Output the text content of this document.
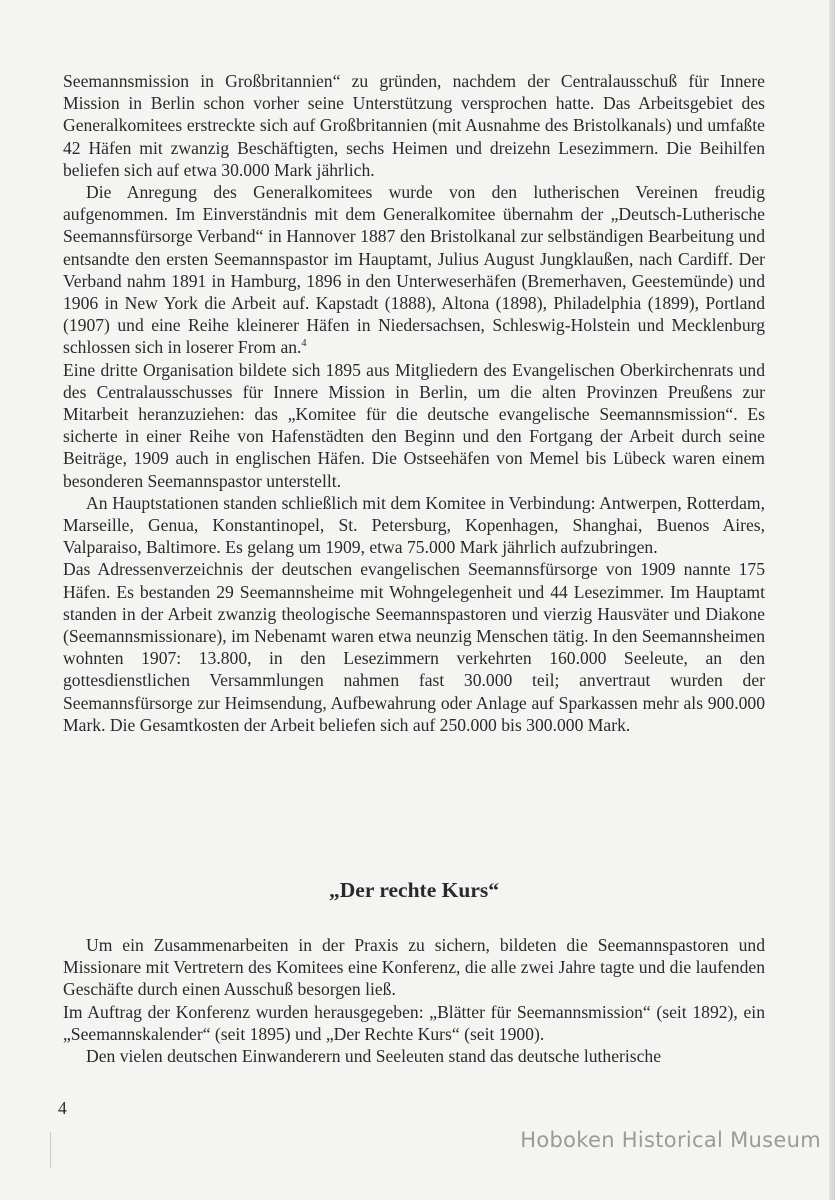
Seemannsmission in Großbritannien“ zu gründen, nachdem der Centralausschuß für Innere Mission in Berlin schon vorher seine Unterstützung versprochen hatte. Das Arbeitsgebiet des Generalkomitees erstreckte sich auf Großbritannien (mit Ausnahme des Bristolkanals) und umfaßte 42 Häfen mit zwanzig Beschäftigten, sechs Heimen und dreizehn Lesezimmern. Die Beihilfen beliefen sich auf etwa 30.000 Mark jährlich.

Die Anregung des Generalkomitees wurde von den lutherischen Vereinen freudig aufgenommen. Im Einverständnis mit dem Generalkomitee übernahm der „Deutsch-Lutherische Seemannsfürsorge Verband“ in Hannover 1887 den Bristolkanal zur selbständigen Bearbeitung und entsandte den ersten Seemannspastor im Hauptamt, Julius August Jungklaußen, nach Cardiff. Der Verband nahm 1891 in Hamburg, 1896 in den Unterweserhäfen (Bremerhaven, Geestemünde) und 1906 in New York die Arbeit auf. Kapstadt (1888), Altona (1898), Philadelphia (1899), Portland (1907) und eine Reihe kleinerer Häfen in Niedersachsen, Schleswig-Holstein und Mecklenburg schlossen sich in loserer From an.$^4$

Eine dritte Organisation bildete sich 1895 aus Mitgliedern des Evangelischen Oberkirchenrats und des Centralausschusses für Innere Mission in Berlin, um die alten Provinzen Preußens zur Mitarbeit heranzuziehen: das „Komitee für die deutsche evangelische Seemannsmission“. Es sicherte in einer Reihe von Hafenstädten den Beginn und den Fortgang der Arbeit durch seine Beiträge, 1909 auch in englischen Häfen. Die Ostseehäfen von Memel bis Lübeck waren einem besonderen Seemannspastor unterstellt.

An Hauptstationen standen schließlich mit dem Komitee in Verbindung: Antwerpen, Rotterdam, Marseille, Genua, Konstantinopel, St. Petersburg, Kopenhagen, Shanghai, Buenos Aires, Valparaiso, Baltimore. Es gelang um 1909, etwa 75.000 Mark jährlich aufzubringen.

Das Adressenverzeichnis der deutschen evangelischen Seemannsfürsorge von 1909 nannte 175 Häfen. Es bestanden 29 Seemannsheime mit Wohngelegenheit und 44 Lesezimmer. Im Hauptamt standen in der Arbeit zwanzig theologische Seemannspastoren und vierzig Hausväter und Diakone (Seemannsmissionare), im Nebenamt waren etwa neunzig Menschen tätig. In den Seemannsheimen wohnten 1907: 13.800, in den Lesezimmern verkehrten 160.000 Seeleute, an den gottesdienstlichen Versammlungen nahmen fast 30.000 teil; anvertraut wurden der Seemannsfürsorge zur Heimsendung, Aufbewahrung oder Anlage auf Sparkassen mehr als 900.000 Mark. Die Gesamtkosten der Arbeit beliefen sich auf 250.000 bis 300.000 Mark.

„Der rechte Kurs“

Um ein Zusammenarbeiten in der Praxis zu sichern, bildeten die Seemannspastoren und Missionare mit Vertretern des Komitees eine Konferenz, die alle zwei Jahre tagte und die laufenden Geschäfte durch einen Ausschuß besorgen ließ.

Im Auftrag der Konferenz wurden herausgegeben: „Blätter für Seemannsmission“ (seit 1892), ein „Seemannskalender“ (seit 1895) und „Der Rechte Kurs“ (seit 1900).

Den vielen deutschen Einwanderern und Seeleuten stand das deutsche lutherische

4
Hoboken Historical Museum
